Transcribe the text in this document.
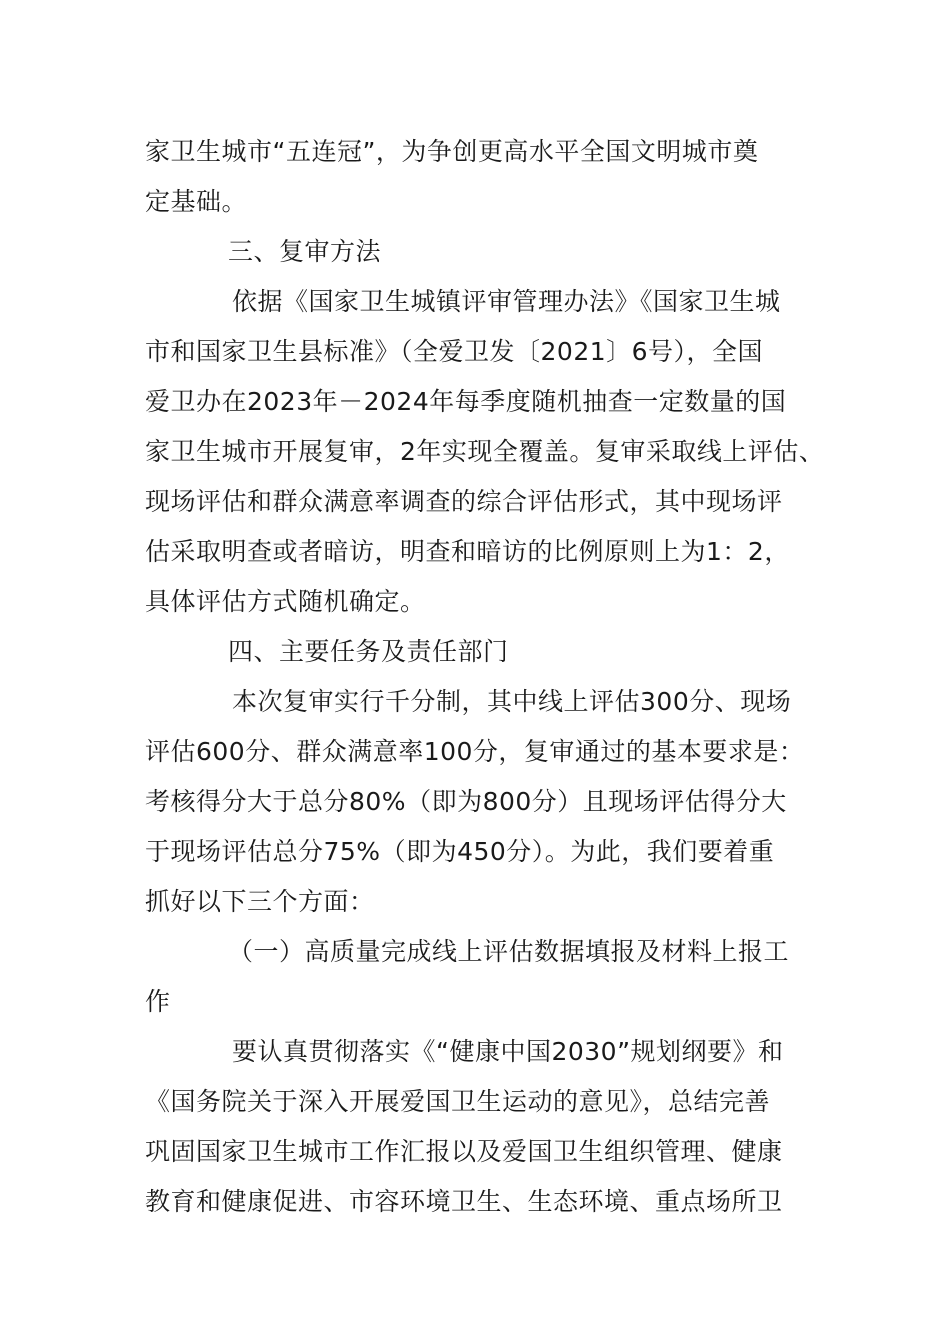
家卫生城市“五连冠”，为争创更高水平全国文明城市奠
定基础。
三、复审方法
依据《国家卫生城镇评审管理办法》《国家卫生城
市和国家卫生县标准》（全爱卫发〔2021〕6号），全国
爱卫办在2023年－2024年每季度随机抽查一定数量的国
家卫生城市开展复审，2年实现全覆盖。复审采取线上评估、
现场评估和群众满意率调查的综合评估形式，其中现场评
估采取明查或者暗访，明查和暗访的比例原则上为1：2，
具体评估方式随机确定。
四、主要任务及责任部门
本次复审实行千分制，其中线上评估300分、现场
评估600分、群众满意率100分，复审通过的基本要求是：
考核得分大于总分80%（即为800分）且现场评估得分大
于现场评估总分75%（即为450分）。为此，我们要着重
抓好以下三个方面：
（一）高质量完成线上评估数据填报及材料上报工
作
要认真贯彻落实《“健康中国2030”规划纲要》和
《国务院关于深入开展爱国卫生运动的意见》，总结完善
巩固国家卫生城市工作汇报以及爱国卫生组织管理、健康
教育和健康促进、市容环境卫生、生态环境、重点场所卫
